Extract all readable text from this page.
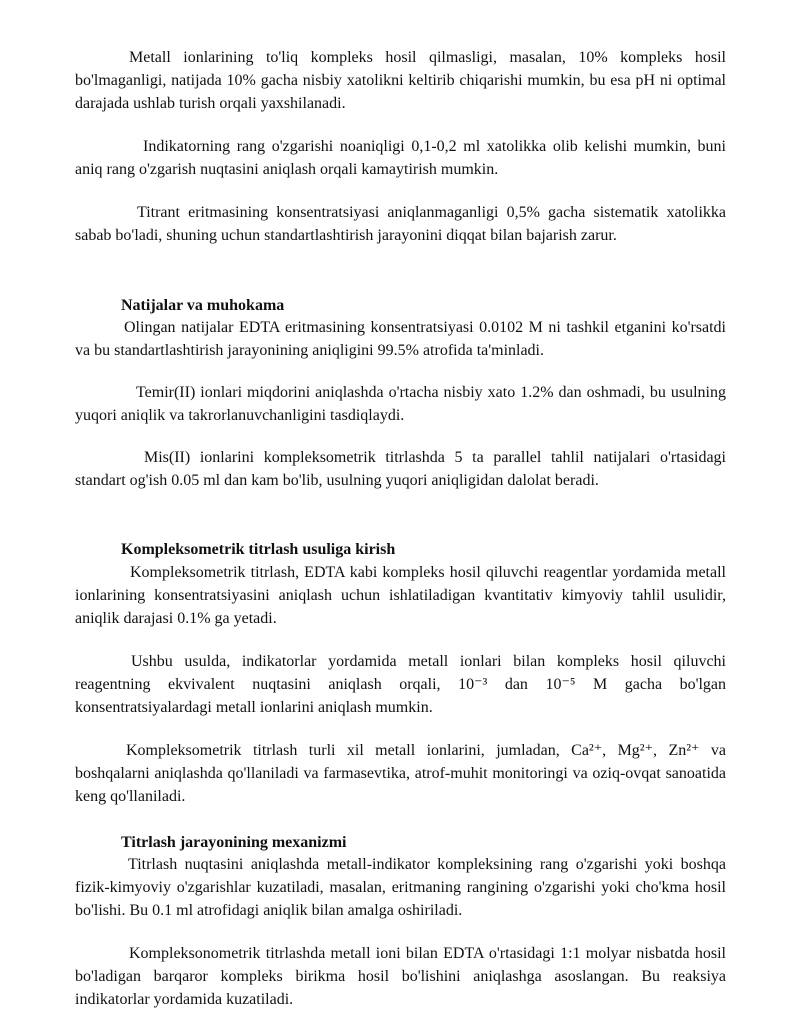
Metall ionlarining to'liq kompleks hosil qilmasligi, masalan, 10% kompleks hosil bo'lmaganligi, natijada 10% gacha nisbiy xatolikni keltirib chiqarishi mumkin, bu esa pH ni optimal darajada ushlab turish orqali yaxshilanadi.

Indikatorning rang o'zgarishi noaniqligi 0,1-0,2 ml xatolikka olib kelishi mumkin, buni aniq rang o'zgarish nuqtasini aniqlash orqali kamaytirish mumkin.

Titrant eritmasining konsentratsiyasi aniqlanmaganligi 0,5% gacha sistematik xatolikka sabab bo'ladi, shuning uchun standartlashtirish jarayonini diqqat bilan bajarish zarur.

Natijalar va muhokama

Olingan natijalar EDTA eritmasining konsentratsiyasi 0.0102 M ni tashkil etganini ko'rsatdi va bu standartlashtirish jarayonining aniqligini 99.5% atrofida ta'minladi.

Temir(II) ionlari miqdorini aniqlashda o'rtacha nisbiy xato 1.2% dan oshmadi, bu usulning yuqori aniqlik va takrorlanuvchanligini tasdiqlaydi.

Mis(II) ionlarini kompleksometrik titrlashda 5 ta parallel tahlil natijalari o'rtasidagi standart og'ish 0.05 ml dan kam bo'lib, usulning yuqori aniqligidan dalolat beradi.

Kompleksometrik titrlash usuliga kirish

Kompleksometrik titrlash, EDTA kabi kompleks hosil qiluvchi reagentlar yordamida metall ionlarining konsentratsiyasini aniqlash uchun ishlatiladigan kvantitativ kimyoviy tahlil usulidir, aniqlik darajasi 0.1% ga yetadi.

Ushbu usulda, indikatorlar yordamida metall ionlari bilan kompleks hosil qiluvchi reagentning ekvivalent nuqtasini aniqlash orqali, 10⁻³ dan 10⁻⁵ M gacha bo'lgan konsentratsiyalardagi metall ionlarini aniqlash mumkin.

Kompleksometrik titrlash turli xil metall ionlarini, jumladan, Ca²⁺, Mg²⁺, Zn²⁺ va boshqalarni aniqlashda qo'llaniladi va farmasevtika, atrof-muhit monitoringi va oziq-ovqat sanoatida keng qo'llaniladi.

Titrlash jarayonining mexanizmi

Titrlash nuqtasini aniqlashda metall-indikator kompleksining rang o'zgarishi yoki boshqa fizik-kimyoviy o'zgarishlar kuzatiladi, masalan, eritmaning rangining o'zgarishi yoki cho'kma hosil bo'lishi. Bu 0.1 ml atrofidagi aniqlik bilan amalga oshiriladi.

Kompleksonometrik titrlashda metall ioni bilan EDTA o'rtasidagi 1:1 molyar nisbatda hosil bo'ladigan barqaror kompleks birikma hosil bo'lishini aniqlashga asoslangan. Bu reaksiya indikatorlar yordamida kuzatiladi.
